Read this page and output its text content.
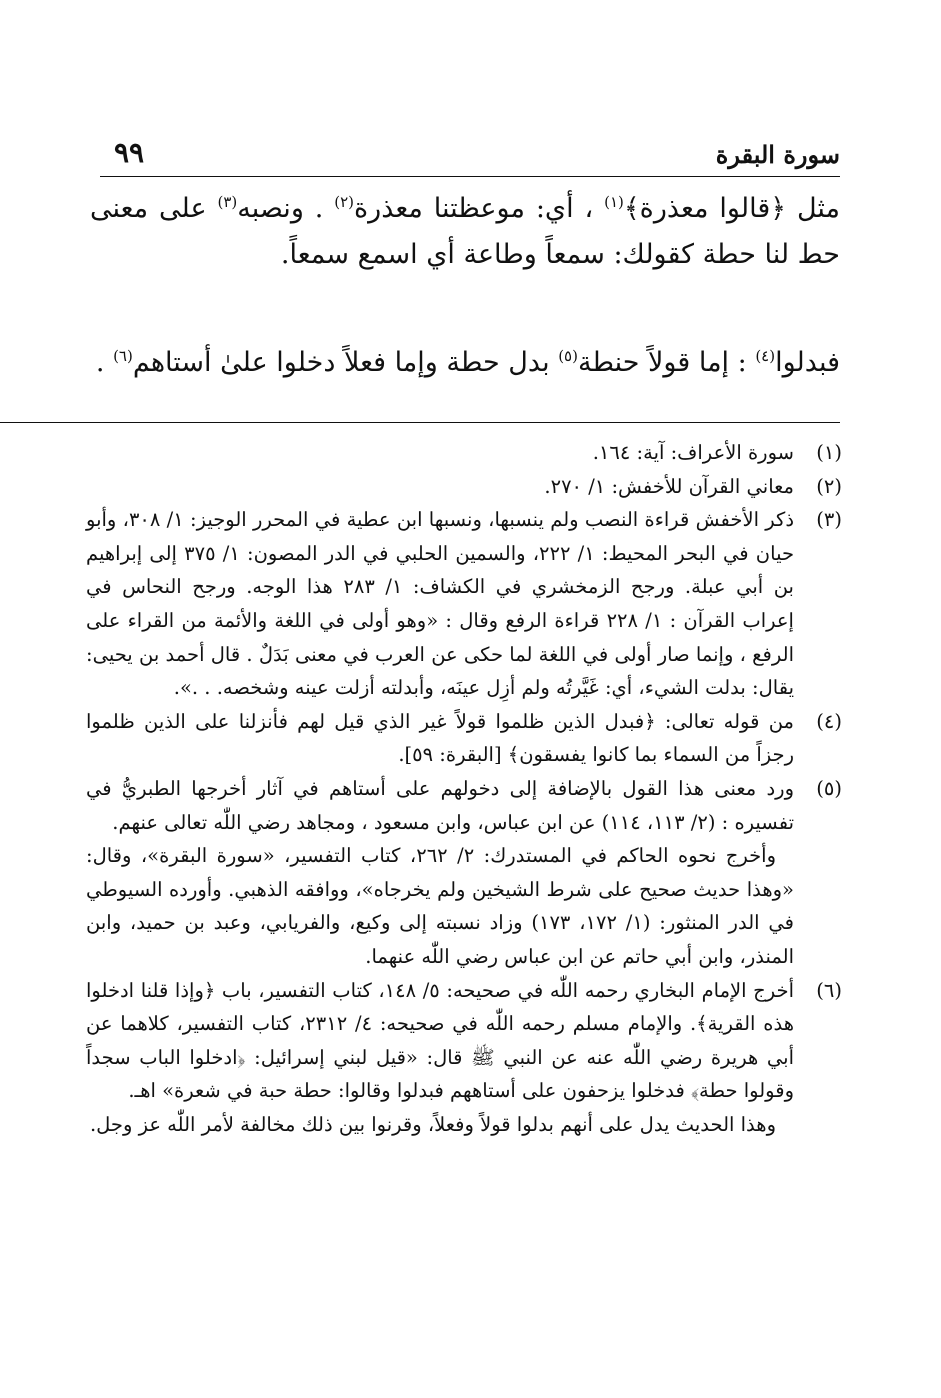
سورة البقرة
٩٩

مثل ﴿قالوا معذرة﴾$^{(١)}$ ، أي: موعظتنا معذرة$^{(٢)}$ . ونصبه$^{(٣)}$ على معنى حط لنا حطة كقولك: سمعاً وطاعة أي اسمع سمعاً.

فبدلوا$^{(٤)}$ : إما قولاً حنطة$^{(٥)}$ بدل حطة وإما فعلاً دخلوا علىٰ أستاهم$^{(٦)}$ .

(١)

سورة الأعراف: آية: ١٦٤.

(٢)

معاني القرآن للأخفش: ١/ ٢٧٠.

(٣)

ذكر الأخفش قراءة النصب ولم ينسبها، ونسبها ابن عطية في المحرر الوجيز: ١/ ٣٠٨، وأبو حيان في البحر المحيط: ١/ ٢٢٢، والسمين الحلبي في الدر المصون: ١/ ٣٧٥ إلى إبراهيم بن أبي عبلة. ورجح الزمخشري في الكشاف: ١/ ٢٨٣ هذا الوجه. ورجح النحاس في إعراب القرآن : ١/ ٢٢٨ قراءة الرفع وقال : «وهو أولى في اللغة والأئمة من القراء على الرفع ، وإنما صار أولى في اللغة لما حكى عن العرب في معنى بَدَلٌ . قال أحمد بن يحيى: يقال: بدلت الشيء، أي: غَيَّرتُه ولم أزِل عينَه، وأبدلته أزلت عينه وشخصه. . .».

(٤)

من قوله تعالى: ﴿فبدل الذين ظلموا قولاً غير الذي قيل لهم فأنزلنا على الذين ظلموا رجزاً من السماء بما كانوا يفسقون﴾ [البقرة: ٥٩].

(٥)

ورد معنى هذا القول بالإضافة إلى دخولهم على أستاهم في آثار أخرجها الطبريُّ في تفسيره : (٢/ ١١٣، ١١٤) عن ابن عباس، وابن مسعود ، ومجاهد رضي اللّٰه تعالى عنهم.

وأخرج نحوه الحاكم في المستدرك: ٢/ ٢٦٢، كتاب التفسير، «سورة البقرة»، وقال: «وهذا حديث صحيح على شرط الشيخين ولم يخرجاه»، ووافقه الذهبي. وأورده السيوطي في الدر المنثور: (١/ ١٧٢، ١٧٣) وزاد نسبته إلى وكيع، والفريابي، وعبد بن حميد، وابن المنذر، وابن أبي حاتم عن ابن عباس رضي اللّٰه عنهما.

(٦)

أخرج الإمام البخاري رحمه اللّٰه في صحيحه: ٥/ ١٤٨، كتاب التفسير، باب ﴿وإذا قلنا ادخلوا هذه القرية﴾. والإمام مسلم رحمه اللّٰه في صحيحه: ٤/ ٢٣١٢، كتاب التفسير، كلاهما عن أبي هريرة رضي اللّٰه عنه عن النبي ﷺ قال: «قيل لبني إسرائيل: ﴿ادخلوا الباب سجداً وقولوا حطة﴾ فدخلوا يزحفون على أستاههم فبدلوا وقالوا: حطة حبة في شعرة» اهـ.

وهذا الحديث يدل على أنهم بدلوا قولاً وفعلاً، وقرنوا بين ذلك مخالفة لأمر اللّٰه عز وجل.
